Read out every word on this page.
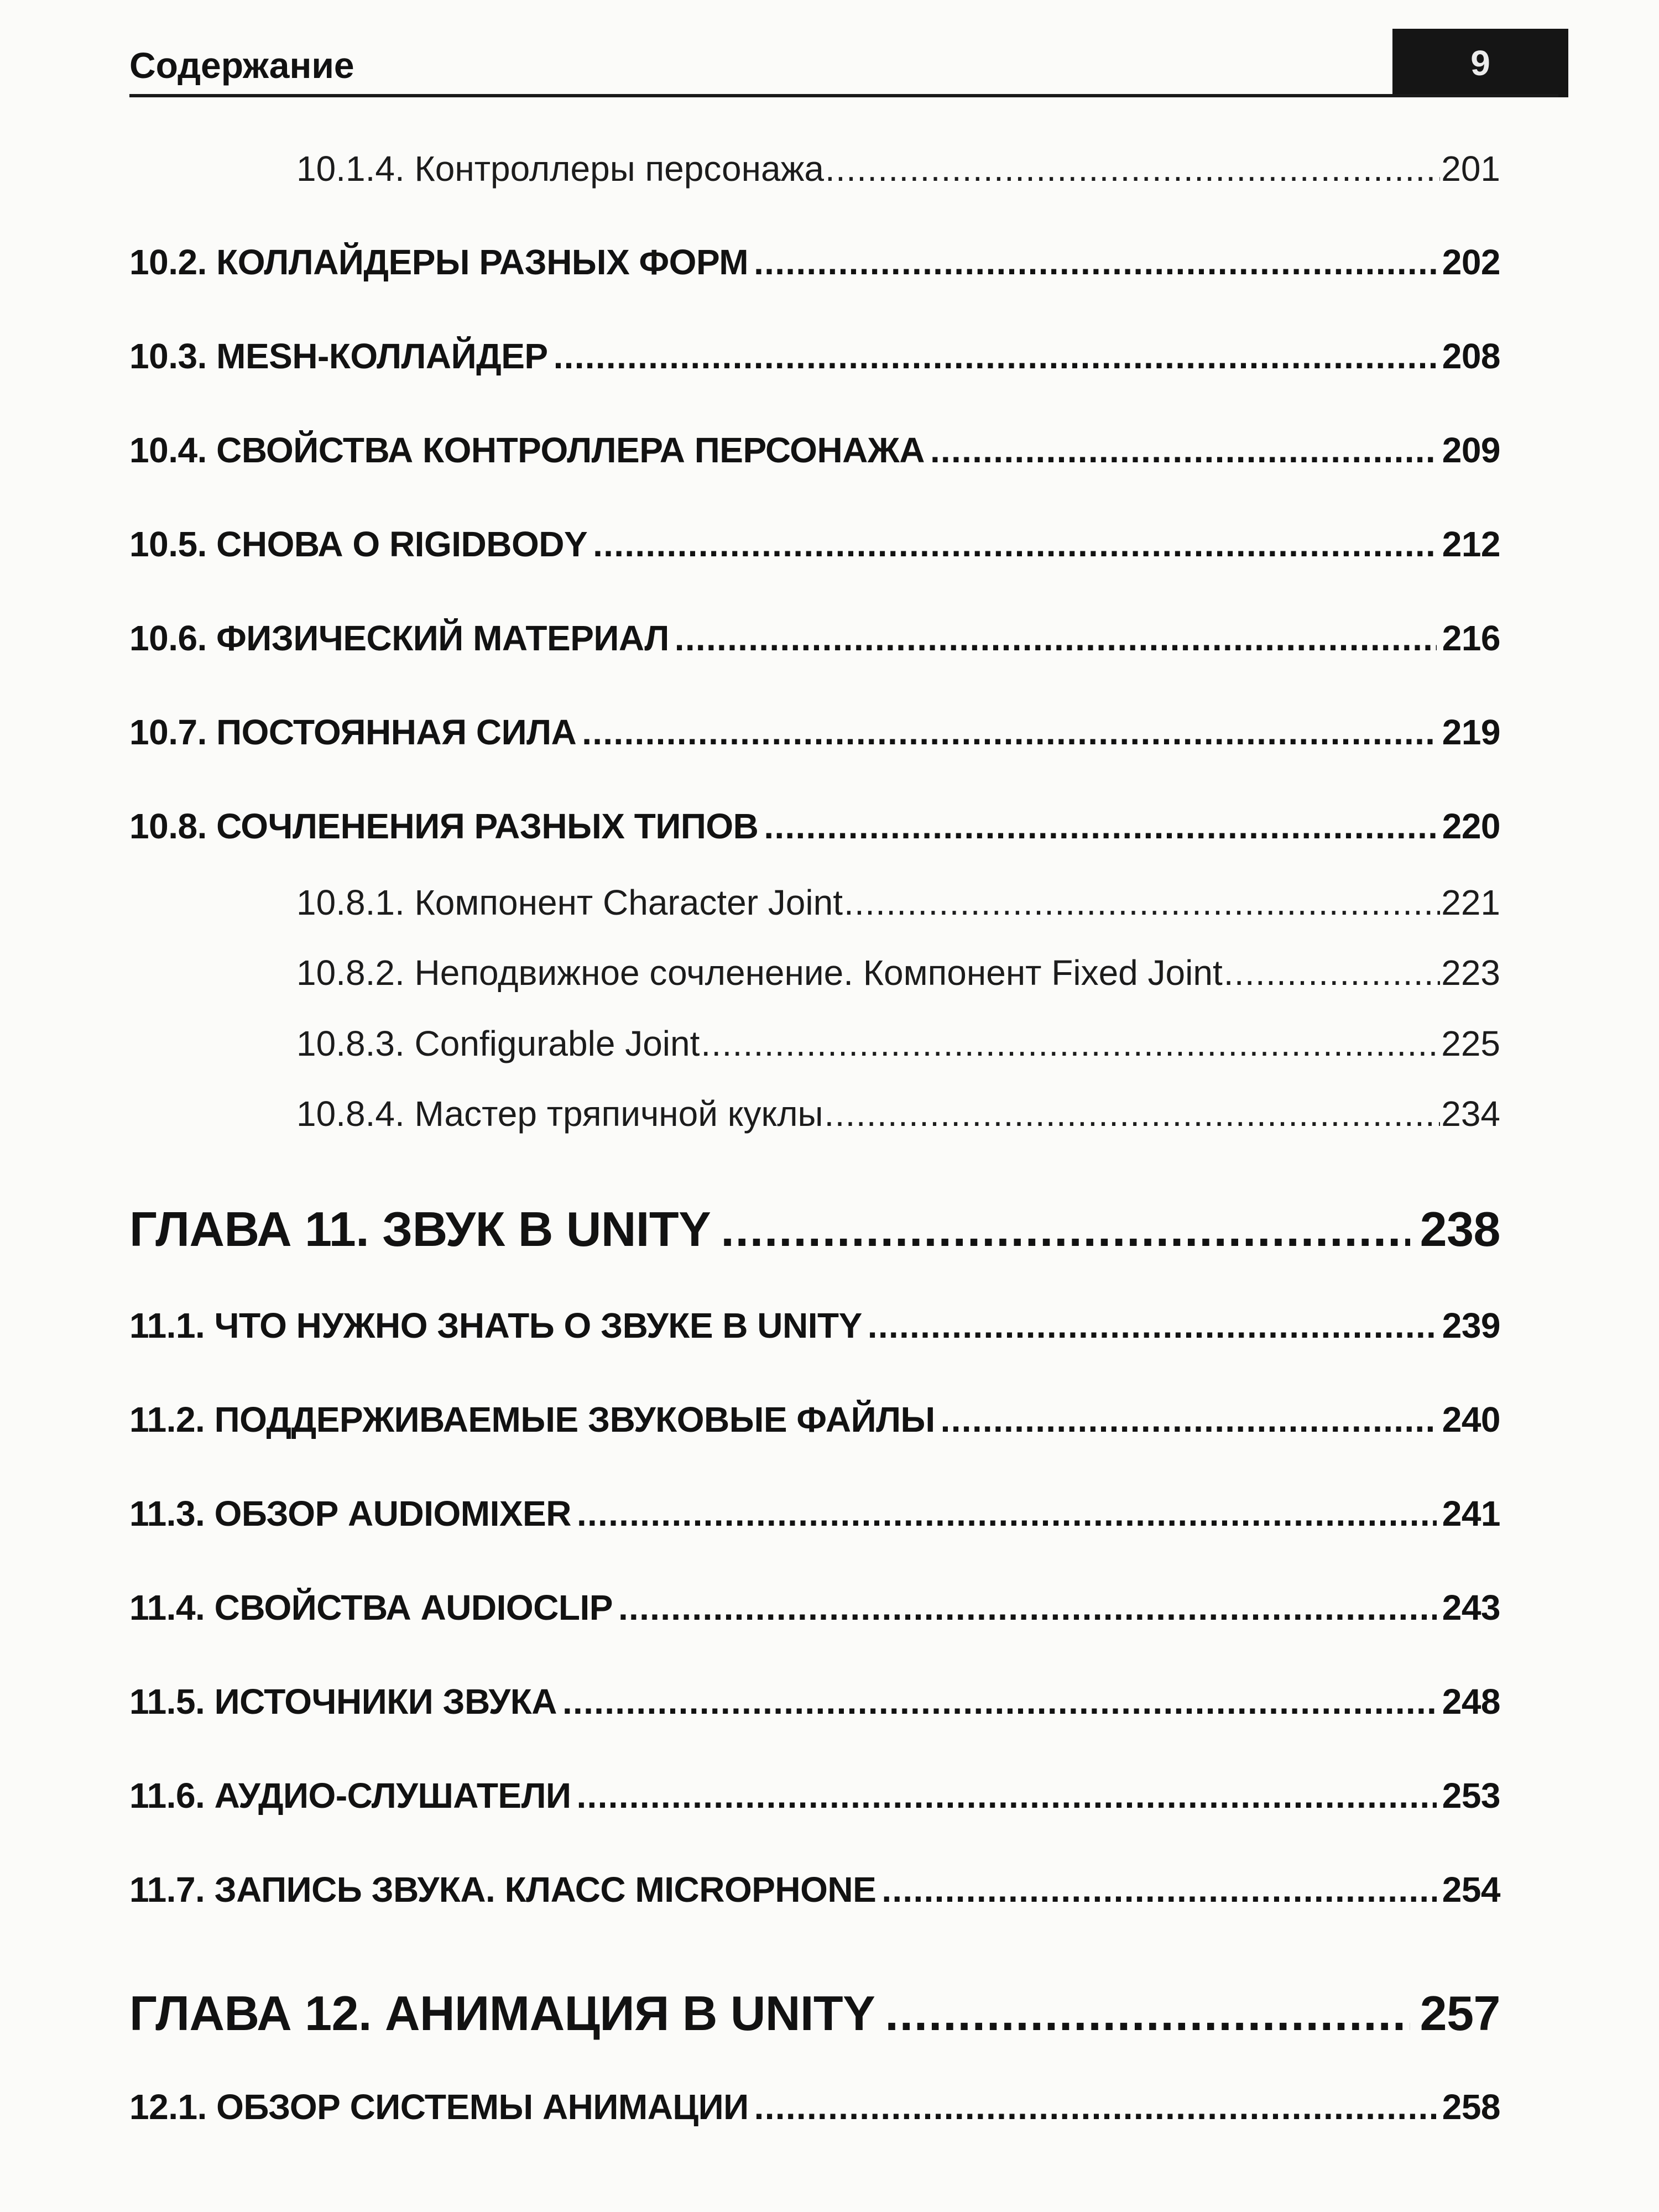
Содержание	9
10.1.4. Контроллеры персонажа .....	201
10.2. КОЛЛАЙДЕРЫ РАЗНЫХ ФОРМ .....	202
10.3. MESH-КОЛЛАЙДЕР .....	208
10.4. СВОЙСТВА КОНТРОЛЛЕРА ПЕРСОНАЖА .....	209
10.5. СНОВА О RIGIDBODY .....	212
10.6. ФИЗИЧЕСКИЙ МАТЕРИАЛ .....	216
10.7. ПОСТОЯННАЯ СИЛА .....	219
10.8. СОЧЛЕНЕНИЯ РАЗНЫХ ТИПОВ .....	220
10.8.1. Компонент Character Joint .....	221
10.8.2. Неподвижное сочленение. Компонент Fixed Joint .....	223
10.8.3. Configurable Joint .....	225
10.8.4. Мастер тряпичной куклы .....	234
ГЛАВА 11. ЗВУК В UNITY .....	238
11.1. ЧТО НУЖНО ЗНАТЬ О ЗВУКЕ В UNITY .....	239
11.2. ПОДДЕРЖИВАЕМЫЕ ЗВУКОВЫЕ ФАЙЛЫ .....	240
11.3. ОБЗОР AUDIOMIXER .....	241
11.4. СВОЙСТВА AUDIOCLIP .....	243
11.5. ИСТОЧНИКИ ЗВУКА .....	248
11.6. АУДИО-СЛУШАТЕЛИ .....	253
11.7. ЗАПИСЬ ЗВУКА. КЛАСС MICROPHONE .....	254
ГЛАВА 12. АНИМАЦИЯ В UNITY .....	257
12.1. ОБЗОР СИСТЕМЫ АНИМАЦИИ .....	258
